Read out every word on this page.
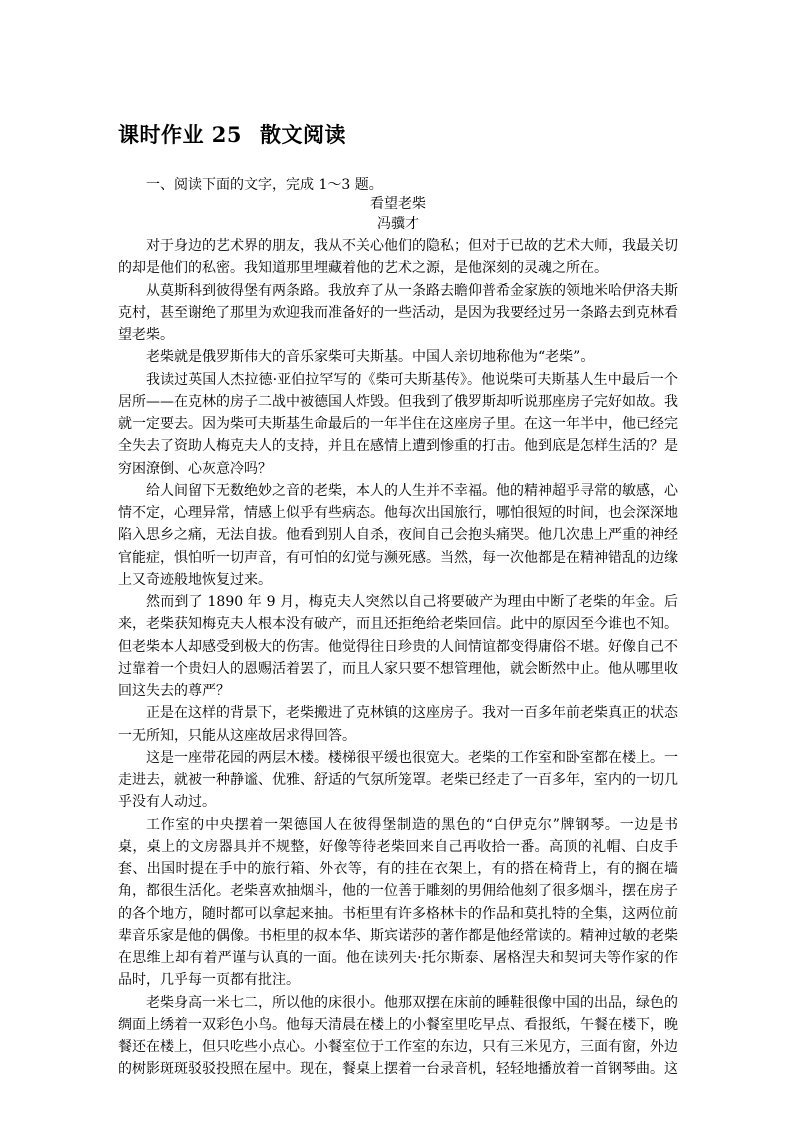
课时作业 25 散文阅读
一、阅读下面的文字，完成 1～3 题。
看望老柴
冯骥才

对于身边的艺术界的朋友，我从不关心他们的隐私；但对于已故的艺术大师，我最关切的却是他们的私密。我知道那里埋藏着他的艺术之源，是他深刻的灵魂之所在。

从莫斯科到彼得堡有两条路。我放弃了从一条路去瞻仰普希金家族的领地米哈伊洛夫斯克村，甚至谢绝了那里为欢迎我而准备好的一些活动，是因为我要经过另一条路去到克林看望老柴。

老柴就是俄罗斯伟大的音乐家柴可夫斯基。中国人亲切地称他为“老柴”。

我读过英国人杰拉德·亚伯拉罕写的《柴可夫斯基传》。他说柴可夫斯基人生中最后一个居所——在克林的房子二战中被德国人炸毁。但我到了俄罗斯却听说那座房子完好如故。我就一定要去。因为柴可夫斯基生命最后的一年半住在这座房子里。在这一年半中，他已经完全失去了资助人梅克夫人的支持，并且在感情上遭到惨重的打击。他到底是怎样生活的？是穷困潦倒、心灰意冷吗？

给人间留下无数绝妙之音的老柴，本人的人生并不幸福。他的精神超乎寻常的敏感，心情不定，心理异常，情感上似乎有些病态。他每次出国旅行，哪怕很短的时间，也会深深地陷入思乡之痛，无法自拔。他看到别人自杀，夜间自己会抱头痛哭。他几次患上严重的神经官能症，惧怕听一切声音，有可怕的幻觉与濒死感。当然，每一次他都是在精神错乱的边缘上又奇迹般地恢复过来。

然而到了 1890 年 9 月，梅克夫人突然以自己将要破产为理由中断了老柴的年金。后来，老柴获知梅克夫人根本没有破产，而且还拒绝给老柴回信。此中的原因至今谁也不知。但老柴本人却感受到极大的伤害。他觉得往日珍贵的人间情谊都变得庸俗不堪。好像自己不过靠着一个贵妇人的恩赐活着罢了，而且人家只要不想管理他，就会断然中止。他从哪里收回这失去的尊严？

正是在这样的背景下，老柴搬进了克林镇的这座房子。我对一百多年前老柴真正的状态一无所知，只能从这座故居求得回答。

这是一座带花园的两层木楼。楼梯很平缓也很宽大。老柴的工作室和卧室都在楼上。一走进去，就被一种静谧、优雅、舒适的气氛所笼罩。老柴已经走了一百多年，室内的一切几乎没有人动过。

工作室的中央摆着一架德国人在彼得堡制造的黑色的“白伊克尔”牌钢琴。一边是书桌，桌上的文房器具并不规整，好像等待老柴回来自己再收拾一番。高顶的礼帽、白皮手套、出国时提在手中的旅行箱、外衣等，有的挂在衣架上，有的搭在椅背上，有的搁在墙角，都很生活化。老柴喜欢抽烟斗，他的一位善于雕刻的男佣给他刻了很多烟斗，摆在房子的各个地方，随时都可以拿起来抽。书柜里有许多格林卡的作品和莫扎特的全集，这两位前辈音乐家是他的偶像。书柜里的叔本华、斯宾诺莎的著作都是他经常读的。精神过敏的老柴在思维上却有着严谨与认真的一面。他在读列夫·托尔斯泰、屠格涅夫和契诃夫等作家的作品时，几乎每一页都有批注。

老柴身高一米七二，所以他的床很小。他那双摆在床前的睡鞋很像中国的出品，绿色的绸面上绣着一双彩色小鸟。他每天清晨在楼上的小餐室里吃早点、看报纸，午餐在楼下，晚餐还在楼上，但只吃些小点心。小餐室位于工作室的东边，只有三米见方，三面有窗，外边的树影斑斑驳驳投照在屋中。现在，餐桌上摆着一台录音机，轻轻地播放着一首钢琴曲。这
